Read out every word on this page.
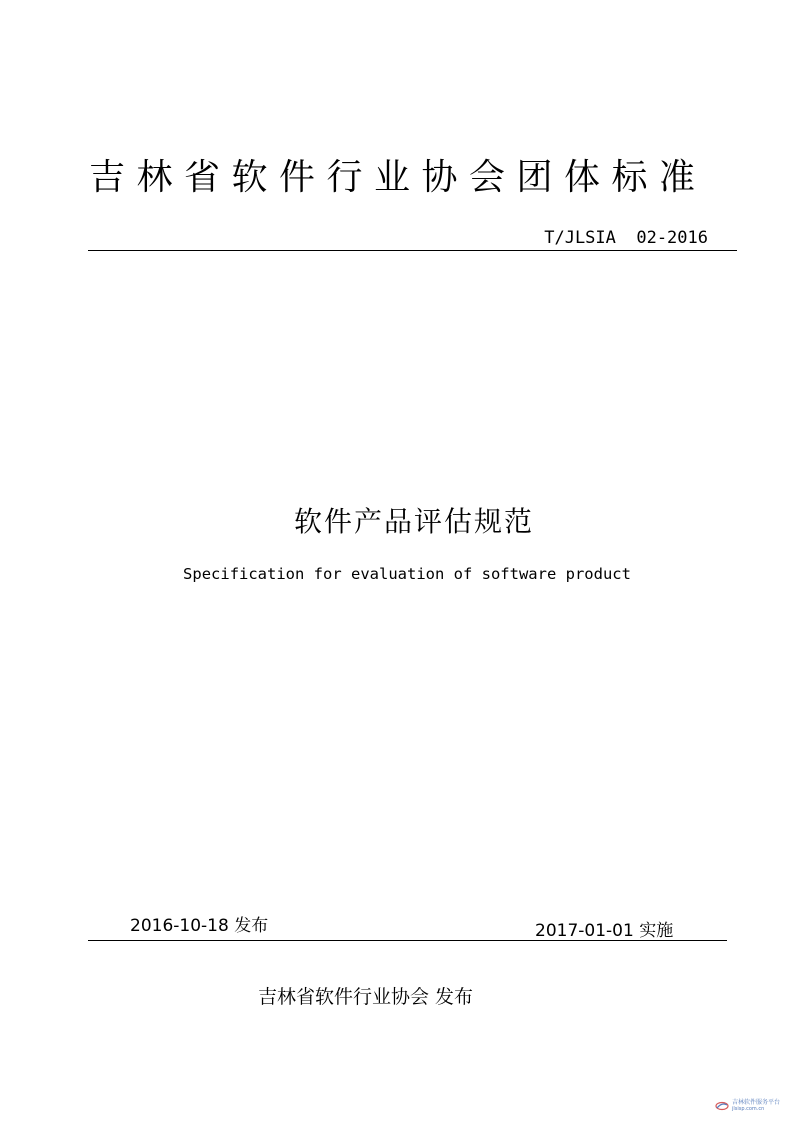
吉林省软件行业协会团体标准
T/JLSIA  02-2016
软件产品评估规范
Specification for evaluation of software product
2016-10-18 发布	2017-01-01 实施
吉林省软件行业协会 发布
吉林软件服务平台
jlsisp.com.cn
